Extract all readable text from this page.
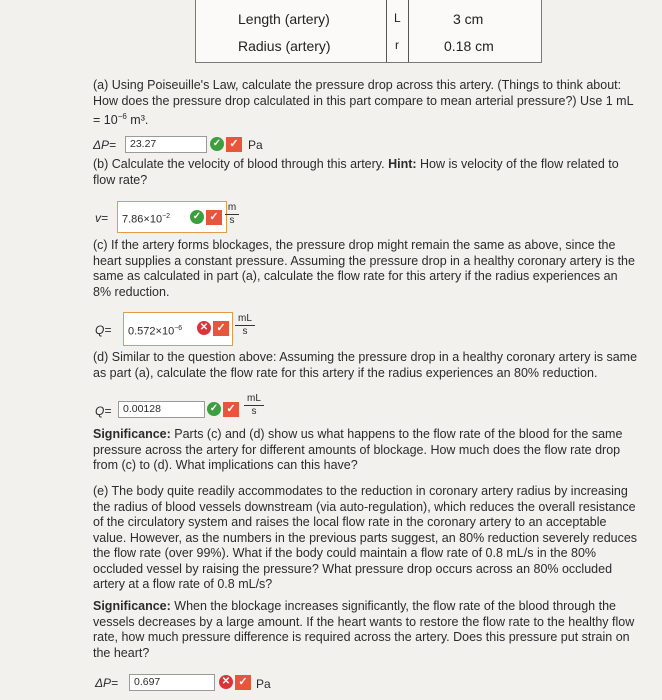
Length (artery)	L	3 cm
Radius (artery)	r	0.18 cm
(a) Using Poiseuille's Law, calculate the pressure drop across this artery. (Things to think about: How does the pressure drop calculated in this part compare to mean arterial pressure?) Use 1 mL = $10^{-6}$ m³.
ΔP=	23.27	✓ ✓ Pa
(b) Calculate the velocity of blood through this artery. Hint: How is velocity of the flow related to flow rate?
v=	$7.86\times 10^{-2}$	✓ ✓ $\frac{m}{s}$
(c) If the artery forms blockages, the pressure drop might remain the same as above, since the heart supplies a constant pressure. Assuming the pressure drop in a healthy coronary artery is the same as calculated in part (a), calculate the flow rate for this artery if the radius experiences an 8% reduction.
Q=	$0.572\times 10^{-6}$	✕ ✓ $\frac{mL}{s}$
(d) Similar to the question above: Assuming the pressure drop in a healthy coronary artery is same as part (a), calculate the flow rate for this artery if the radius experiences an 80% reduction.
Q=	0.00128	✓ ✓ $\frac{mL}{s}$
Significance: Parts (c) and (d) show us what happens to the flow rate of the blood for the same pressure across the artery for different amounts of blockage. How much does the flow rate drop from (c) to (d). What implications can this have?
(e) The body quite readily accommodates to the reduction in coronary artery radius by increasing the radius of blood vessels downstream (via auto-regulation), which reduces the overall resistance of the circulatory system and raises the local flow rate in the coronary artery to an acceptable value. However, as the numbers in the previous parts suggest, an 80% reduction severely reduces the flow rate (over 99%). What if the body could maintain a flow rate of 0.8 mL/s in the 80% occluded vessel by raising the pressure? What pressure drop occurs across an 80% occluded artery at a flow rate of 0.8 mL/s?
Significance: When the blockage increases significantly, the flow rate of the blood through the vessels decreases by a large amount. If the heart wants to restore the flow rate to the healthy flow rate, how much pressure difference is required across the artery. Does this pressure put strain on the heart?
ΔP=	0.697	✕ ✓ Pa
